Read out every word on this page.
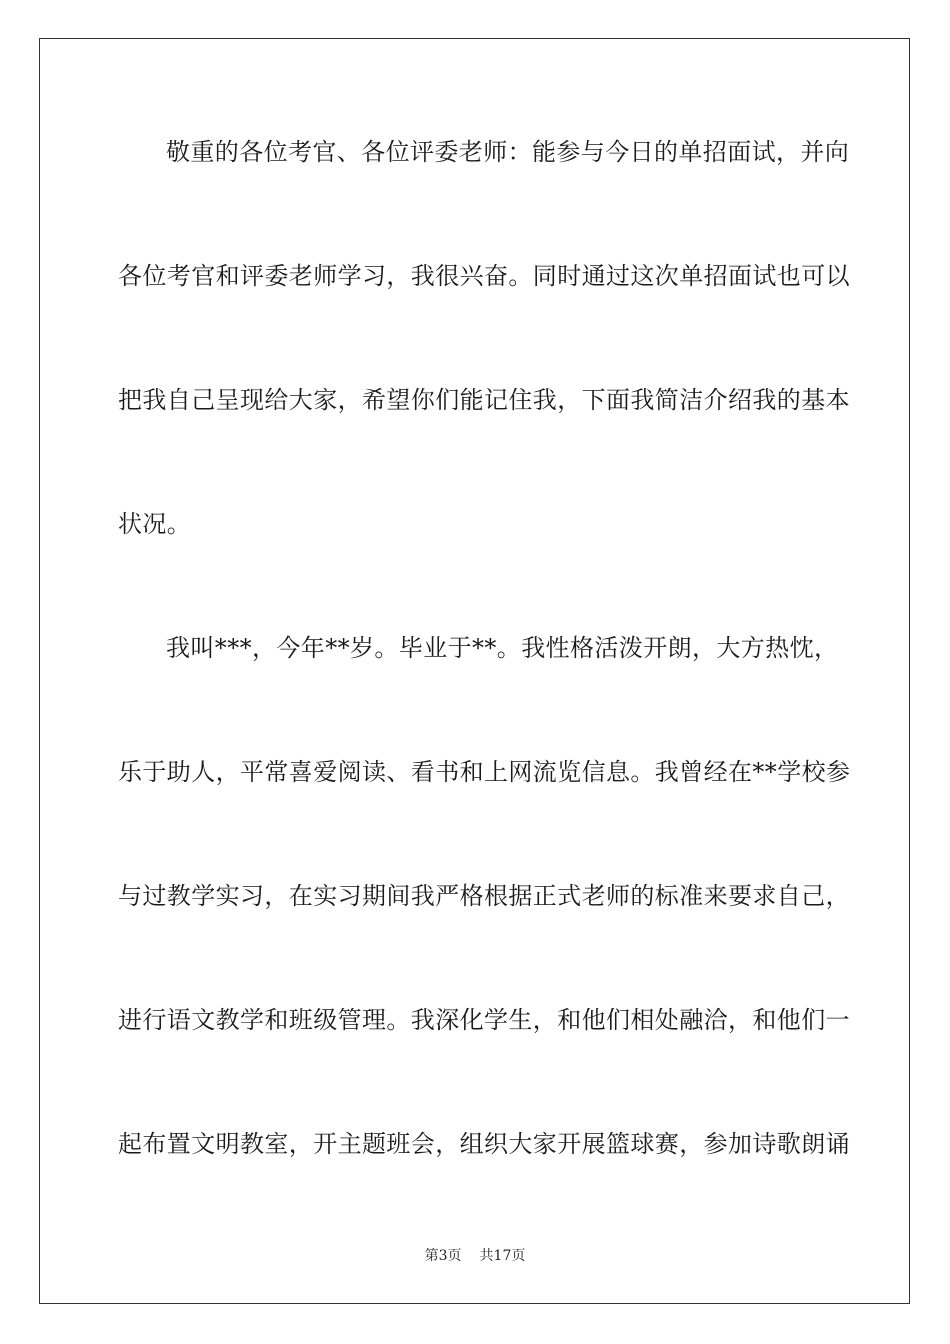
敬重的各位考官、各位评委老师：能参与今日的单招面试，并向
各位考官和评委老师学习，我很兴奋。同时通过这次单招面试也可以
把我自己呈现给大家，希望你们能记住我，下面我简洁介绍我的基本
状况。
我叫***，今年**岁。毕业于**。我性格活泼开朗，大方热忱，
乐于助人，平常喜爱阅读、看书和上网流览信息。我曾经在**学校参
与过教学实习，在实习期间我严格根据正式老师的标准来要求自己，
进行语文教学和班级管理。我深化学生，和他们相处融洽，和他们一
起布置文明教室，开主题班会，组织大家开展篮球赛，参加诗歌朗诵
第3页 共17页
